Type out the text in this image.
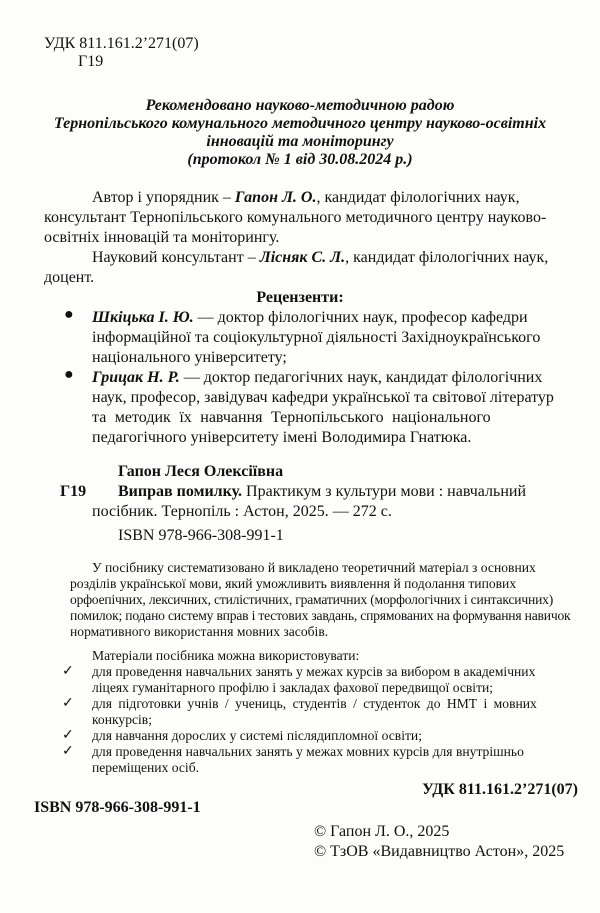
УДК 811.161.2’271(07)
Г19
Рекомендовано науково-методичною радою
Тернопільського комунального методичного центру науково-освітніх
інновацій та моніторингу
(протокол № 1 від 30.08.2024 р.)
Автор і упорядник – Гапон Л. О., кандидат філологічних наук,
консультант Тернопільського комунального методичного центру науково-
освітніх інновацій та моніторингу.
Науковий консультант – Лісняк С. Л., кандидат філологічних наук,
доцент.
Рецензенти:
● Шкіцька І. Ю. — доктор філологічних наук, професор кафедри
інформаційної та соціокультурної діяльності Західноукраїнського
національного університету;
● Грицак Н. Р. — доктор педагогічних наук, кандидат філологічних
наук, професор, завідувач кафедри української та світової літератур
та методик їх навчання Тернопільського національного
педагогічного університету імені Володимира Гнатюка.
Гапон Леся Олексіївна
Г19 Виправ помилку. Практикум з культури мови : навчальний
посібник. Тернопіль : Астон, 2025. — 272 с.
ІSBN 978-966-308-991-1
У посібнику систематизовано й викладено теоретичний матеріал з основних
розділів української мови, який уможливить виявлення й подолання типових
орфоепічних, лексичних, стилістичних, граматичних (морфологічних і синтаксичних)
помилок; подано систему вправ і тестових завдань, спрямованих на формування навичок
нормативного використання мовних засобів.
Матеріали посібника можна використовувати:
✓ для проведення навчальних занять у межах курсів за вибором в академічних
ліцеях гуманітарного профілю і закладах фахової передвищої освіти;
✓ для підготовки учнів / учениць, студентів / студенток до НМТ і мовних
конкурсів;
✓ для навчання дорослих у системі післядипломної освіти;
✓ для проведення навчальних занять у межах мовних курсів для внутрішньо
переміщених осіб.
УДК 811.161.2’271(07)
ІSBN 978-966-308-991-1
© Гапон Л. О., 2025
© ТзОВ «Видавництво Астон», 2025
